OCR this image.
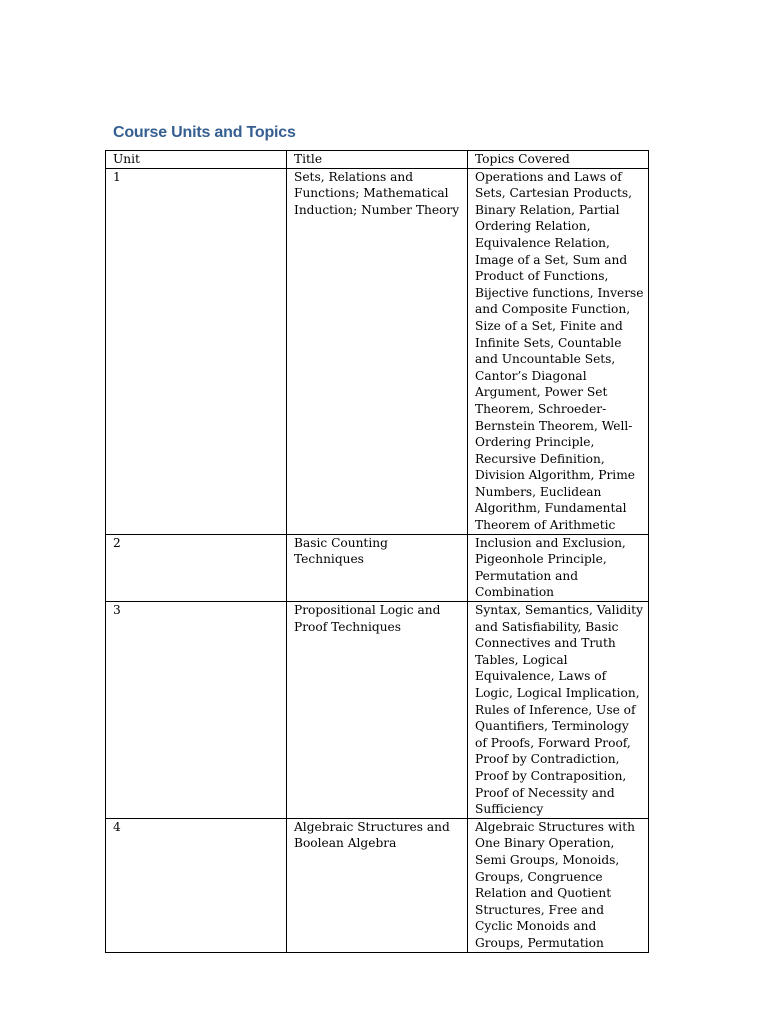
Course Units and Topics
Unit	Title	Topics Covered
1	Sets, Relations and Functions; Mathematical Induction; Number Theory	Operations and Laws of Sets, Cartesian Products, Binary Relation, Partial Ordering Relation, Equivalence Relation, Image of a Set, Sum and Product of Functions, Bijective functions, Inverse and Composite Function, Size of a Set, Finite and Infinite Sets, Countable and Uncountable Sets, Cantor’s Diagonal Argument, Power Set Theorem, Schroeder-Bernstein Theorem, Well-Ordering Principle, Recursive Definition, Division Algorithm, Prime Numbers, Euclidean Algorithm, Fundamental Theorem of Arithmetic
2	Basic Counting Techniques	Inclusion and Exclusion, Pigeonhole Principle, Permutation and Combination
3	Propositional Logic and Proof Techniques	Syntax, Semantics, Validity and Satisfiability, Basic Connectives and Truth Tables, Logical Equivalence, Laws of Logic, Logical Implication, Rules of Inference, Use of Quantifiers, Terminology of Proofs, Forward Proof, Proof by Contradiction, Proof by Contraposition, Proof of Necessity and Sufficiency
4	Algebraic Structures and Boolean Algebra	Algebraic Structures with One Binary Operation, Semi Groups, Monoids, Groups, Congruence Relation and Quotient Structures, Free and Cyclic Monoids and Groups, Permutation
